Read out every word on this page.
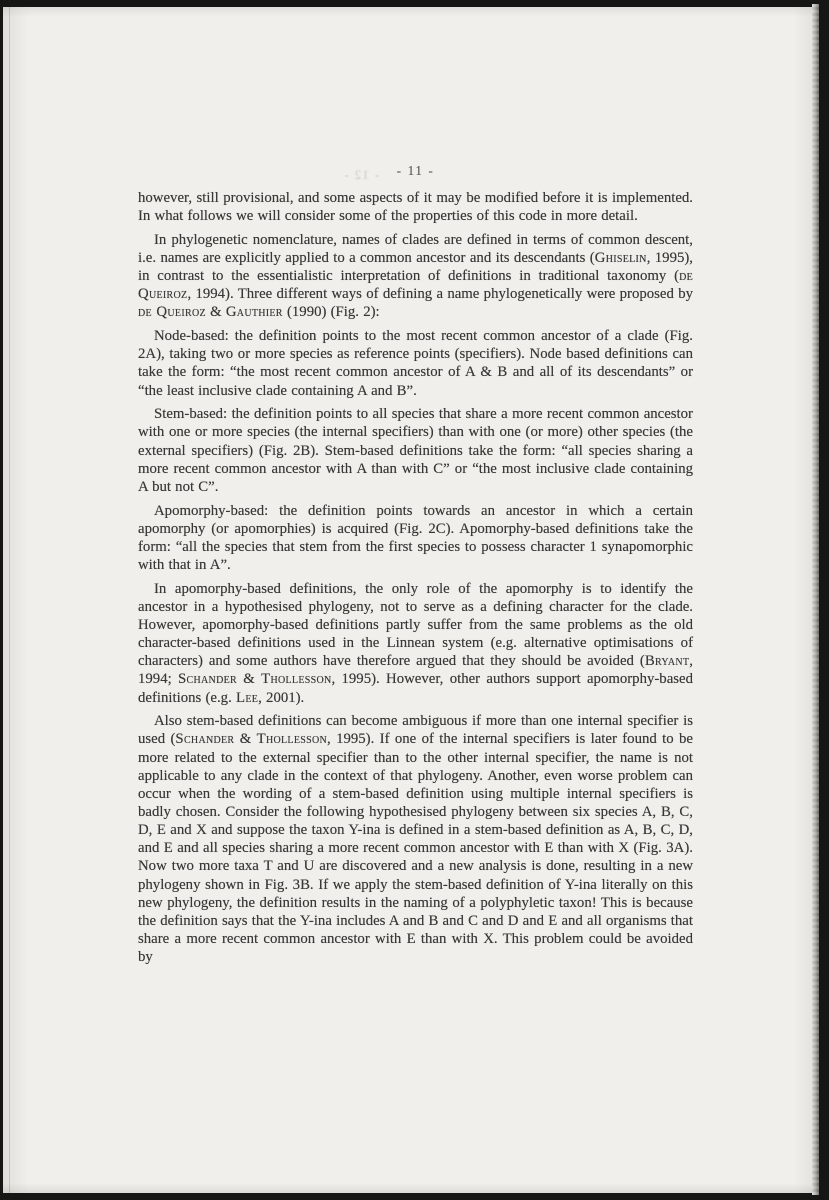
- 12 -	- 11 -

however, still provisional, and some aspects of it may be modified before it is implemented. In what follows we will consider some of the properties of this code in more detail.

In phylogenetic nomenclature, names of clades are defined in terms of common descent, i.e. names are explicitly applied to a common ancestor and its descendants (Ghiselin, 1995), in contrast to the essentialistic interpretation of definitions in traditional taxonomy (de Queiroz, 1994). Three different ways of defining a name phylogenetically were proposed by de Queiroz & Gauthier (1990) (Fig. 2):

Node-based: the definition points to the most recent common ancestor of a clade (Fig. 2A), taking two or more species as reference points (specifiers). Node based definitions can take the form: “the most recent common ancestor of A & B and all of its descendants” or “the least inclusive clade containing A and B”.

Stem-based: the definition points to all species that share a more recent common ancestor with one or more species (the internal specifiers) than with one (or more) other species (the external specifiers) (Fig. 2B). Stem-based definitions take the form: “all species sharing a more recent common ancestor with A than with C” or “the most inclusive clade containing A but not C”.

Apomorphy-based: the definition points towards an ancestor in which a certain apomorphy (or apomorphies) is acquired (Fig. 2C). Apomorphy-based definitions take the form: “all the species that stem from the first species to possess character 1 synapomorphic with that in A”.

In apomorphy-based definitions, the only role of the apomorphy is to identify the ancestor in a hypothesised phylogeny, not to serve as a defining character for the clade. However, apomorphy-based definitions partly suffer from the same problems as the old character-based definitions used in the Linnean system (e.g. alternative optimisations of characters) and some authors have therefore argued that they should be avoided (Bryant, 1994; Schander & Thollesson, 1995). However, other authors support apomorphy-based definitions (e.g. Lee, 2001).

Also stem-based definitions can become ambiguous if more than one internal specifier is used (Schander & Thollesson, 1995). If one of the internal specifiers is later found to be more related to the external specifier than to the other internal specifier, the name is not applicable to any clade in the context of that phylogeny. Another, even worse problem can occur when the wording of a stem-based definition using multiple internal specifiers is badly chosen. Consider the following hypothesised phylogeny between six species A, B, C, D, E and X and suppose the taxon Y-ina is defined in a stem-based definition as A, B, C, D, and E and all species sharing a more recent common ancestor with E than with X (Fig. 3A). Now two more taxa T and U are discovered and a new analysis is done, resulting in a new phylogeny shown in Fig. 3B. If we apply the stem-based definition of Y-ina literally on this new phylogeny, the definition results in the naming of a polyphyletic taxon! This is because the definition says that the Y-ina includes A and B and C and D and E and all organisms that share a more recent common ancestor with E than with X. This problem could be avoided by
